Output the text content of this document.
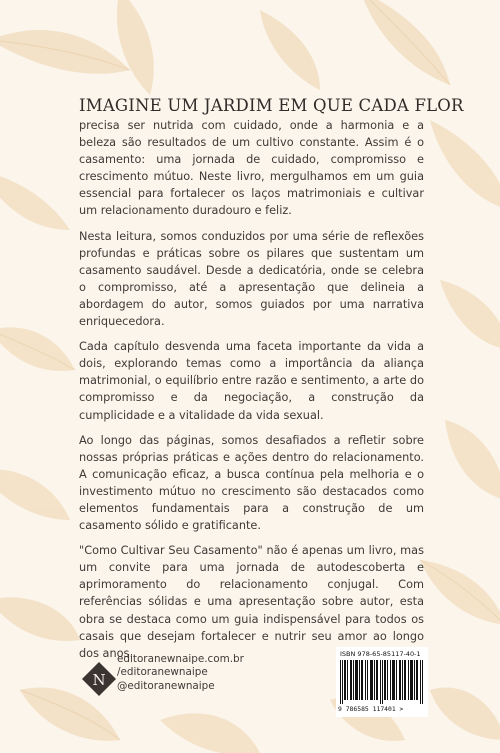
IMAGINE UM JARDIM EM QUE CADA FLOR

precisa ser nutrida com cuidado, onde a harmonia e a beleza são resultados de um cultivo constante. Assim é o casamento: uma jornada de cuidado, compromisso e crescimento mútuo. Neste livro, mergulhamos em um guia essencial para fortalecer os laços matrimoniais e cultivar um relacionamento duradouro e feliz.

Nesta leitura, somos conduzidos por uma série de reflexões profundas e práticas sobre os pilares que sustentam um casamento saudável. Desde a dedicatória, onde se celebra o compromisso, até a apresentação que delineia a abordagem do autor, somos guiados por uma narrativa enriquecedora.

Cada capítulo desvenda uma faceta importante da vida a dois, explorando temas como a importância da aliança matrimonial, o equilíbrio entre razão e sentimento, a arte do compromisso e da negociação, a construção da cumplicidade e a vitalidade da vida sexual.

Ao longo das páginas, somos desafiados a refletir sobre nossas próprias práticas e ações dentro do relacionamento. A comunicação eficaz, a busca contínua pela melhoria e o investimento mútuo no crescimento são destacados como elementos fundamentais para a construção de um casamento sólido e gratificante.

"Como Cultivar Seu Casamento" não é apenas um livro, mas um convite para uma jornada de autodescoberta e aprimoramento do relacionamento conjugal. Com referências sólidas e uma apresentação sobre autor, esta obra se destaca como um guia indispensável para todos os casais que desejam fortalecer e nutrir seu amor ao longo dos anos.

N
editoranewnaipe.com.br
/editoranewnaipe
@editoranewnaipe
ISBN 978-65-85117-40-1
9 786585 117401 >
